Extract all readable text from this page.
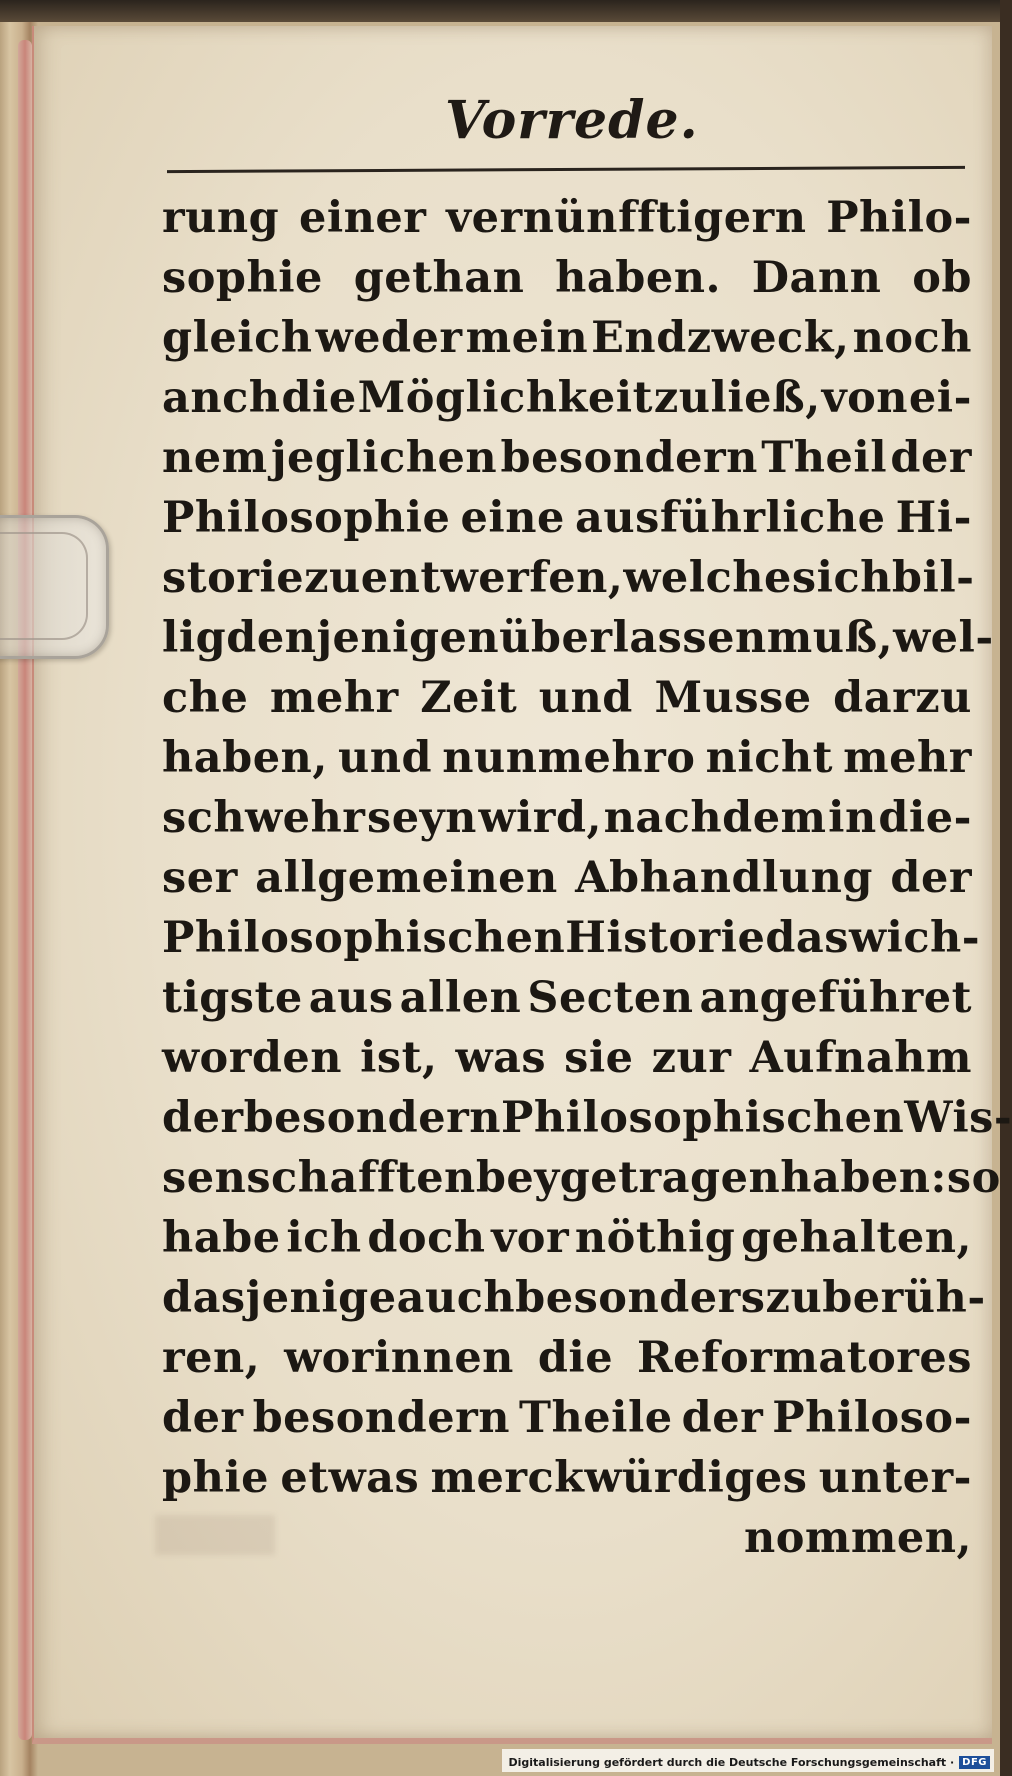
Vorrede.
rung einer vernünfftigern Philo-
sophie gethan haben. Dann ob
gleich weder mein Endzweck, noch
anch die Möglichkeit zuließ, von ei-
nem jeglichen besondern Theil der
Philosophie eine ausführliche Hi-
storie zu entwerfen, welches ich bil-
lig denjenigen überlassen muß, wel-
che mehr Zeit und Musse darzu
haben, und nunmehro nicht mehr
schwehr seyn wird, nachdem in die-
ser allgemeinen Abhandlung der
Philosophischen Historie das wich-
tigste aus allen Secten angeführet
worden ist, was sie zur Aufnahm
der besondern Philosophischen Wis-
senschafften beygetragen haben: so
habe ich doch vor nöthig gehalten,
dasjenige auch besonders zu berüh-
ren, worinnen die Reformatores
der besondern Theile der Philoso-
phie etwas merckwürdiges unter-
nommen,
Digitalisierung gefördert durch die Deutsche Forschungsgemeinschaft · DFG
